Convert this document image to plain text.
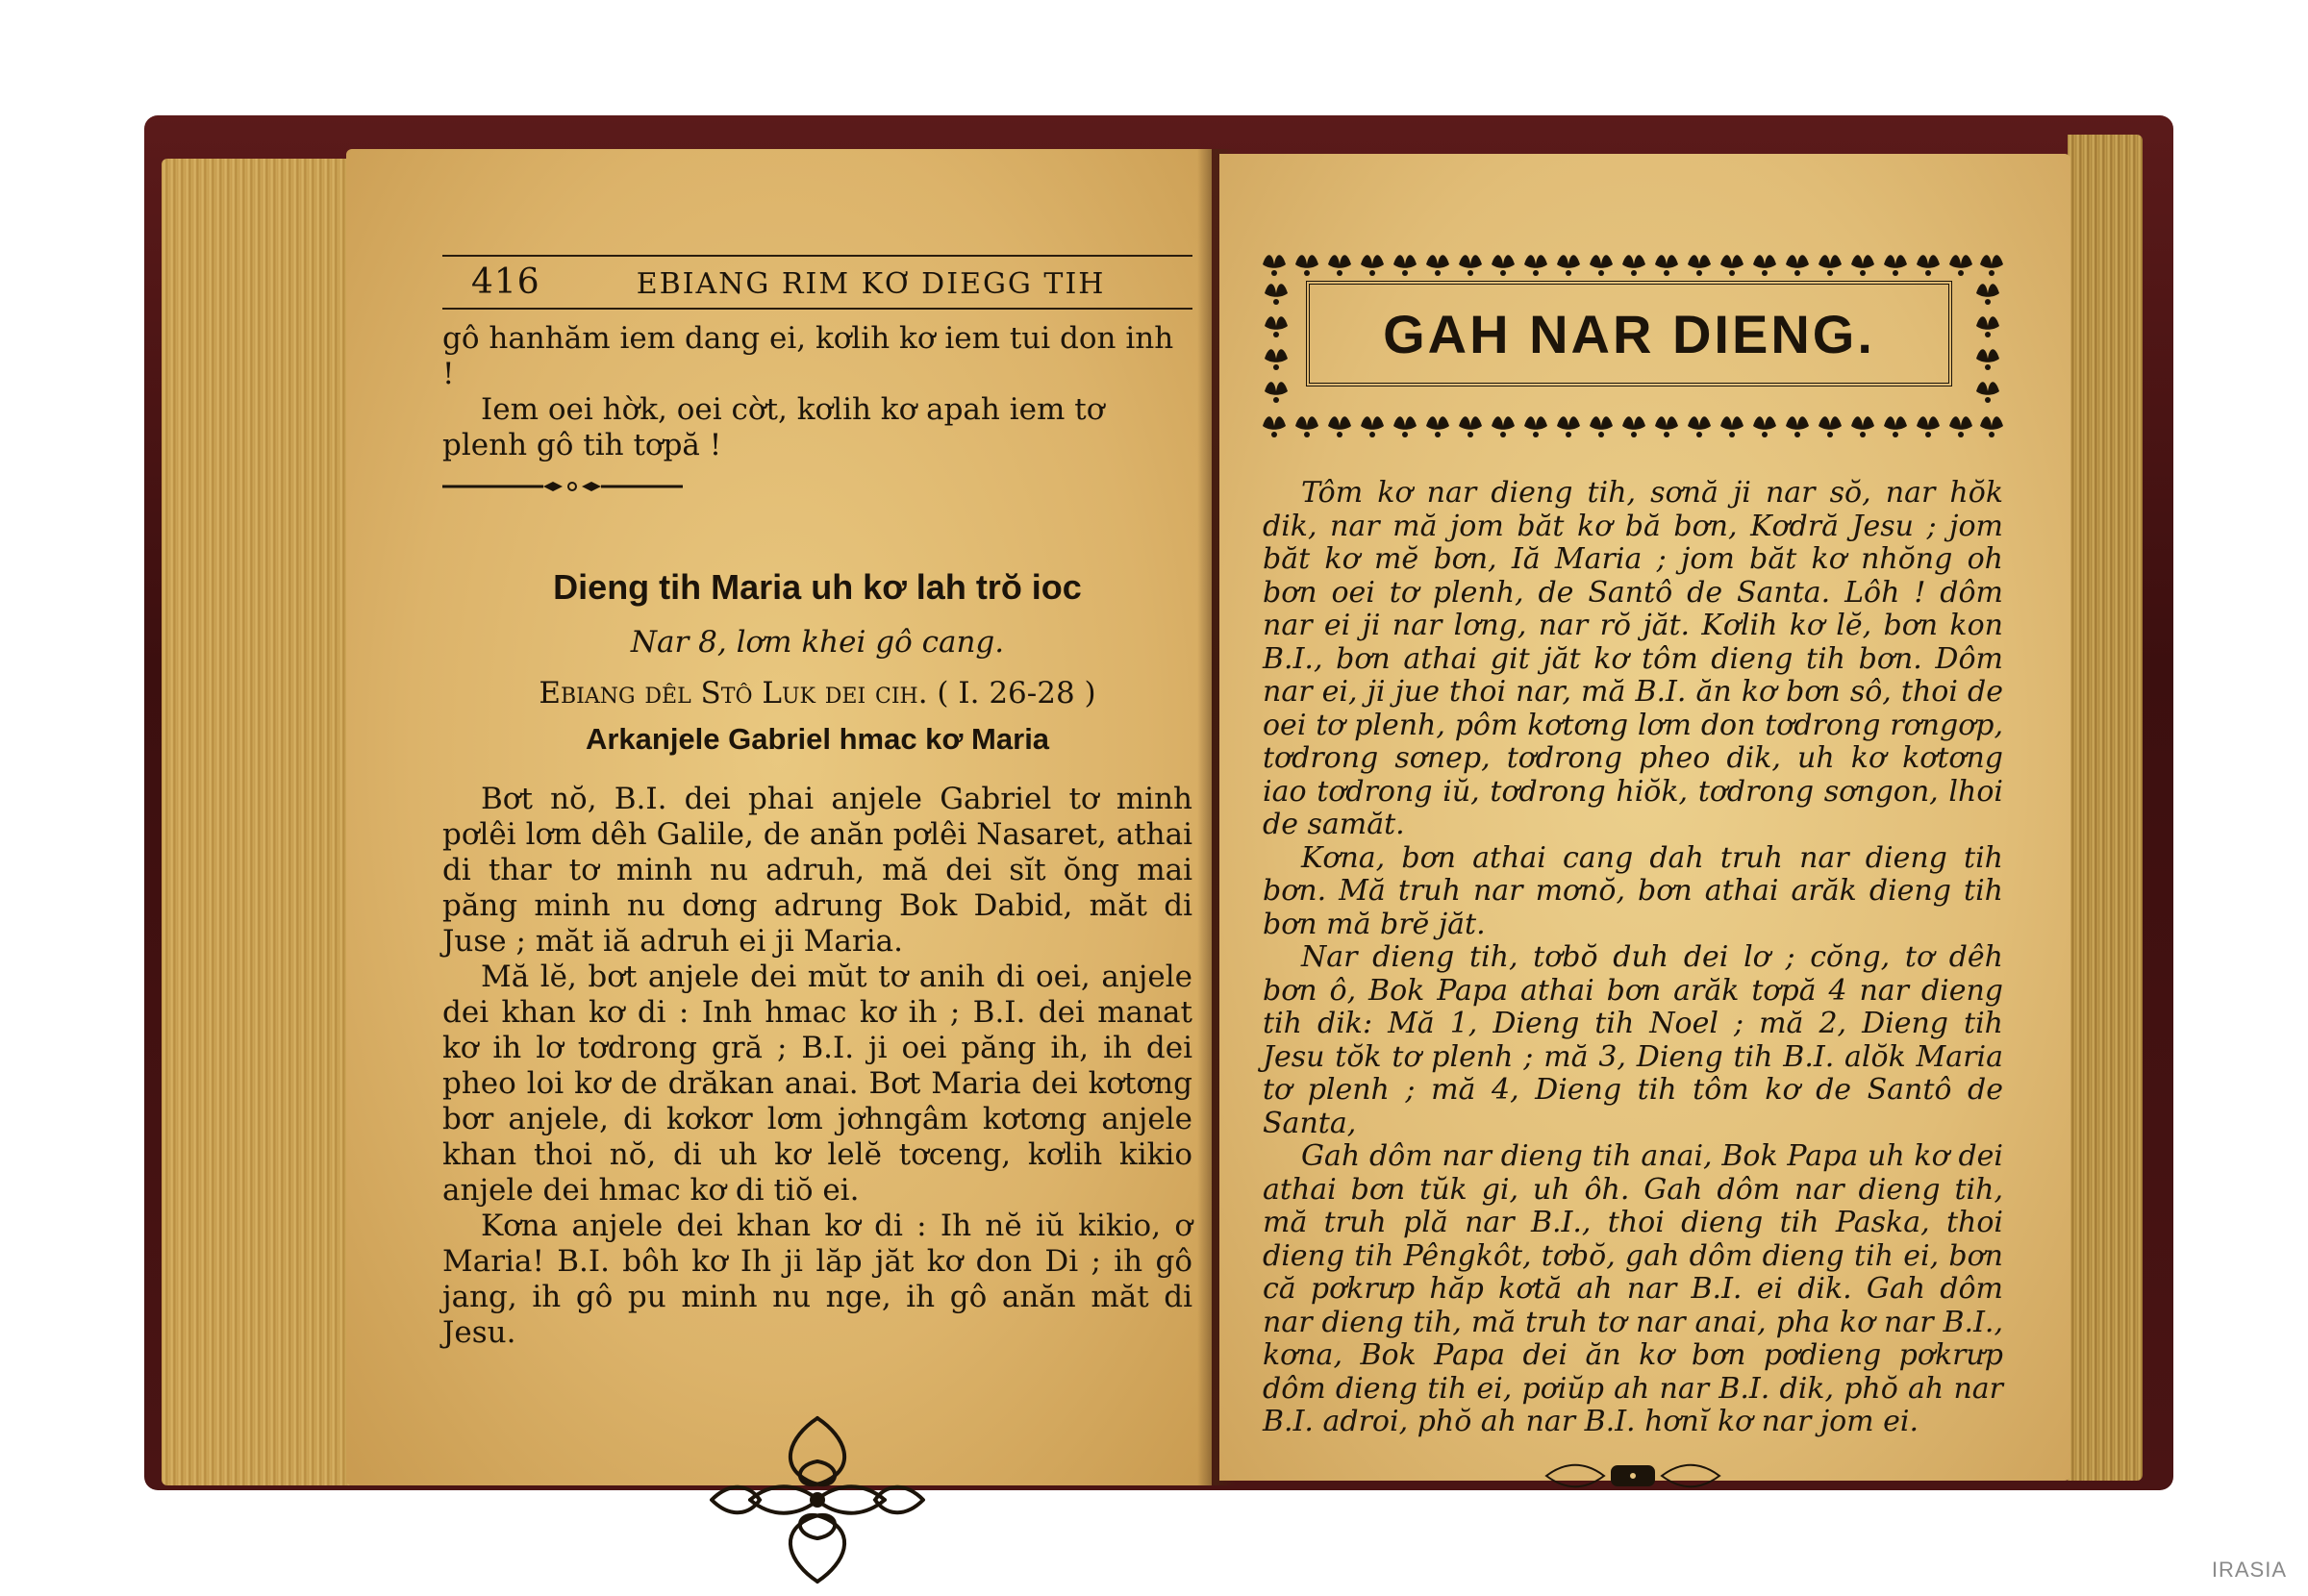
416	EBIANG RIM KƠ DIEGG TIH

gô hanhăm iem dang ei, kơlih kơ iem tui don inh !

Iem oei hờk, oei cờt, kơlih kơ apah iem tơ plenh gô tih tơpă !

Dieng tih Maria uh kơ lah trŏ ioc

Nar 8, lơm khei gô cang.

Ebiang dêl Stô Luk dei cih. ( I. 26-28 )

Arkanjele Gabriel hmac kơ Maria

Bơt nŏ, B.I. dei phai anjele Gabriel tơ minh pơlêi lơm dêh Galile, de anăn pơlêi Nasaret, athai di thar tơ minh nu adruh, mă dei sĭt ŏng mai păng minh nu dơng adrung Bok Dabid, măt di Juse ; măt iă adruh ei ji Maria.

Mă lĕ, bơt anjele dei mŭt tơ anih di oei, anjele dei khan kơ di : Inh hmac kơ ih ; B.I. dei manat kơ ih lơ tơdrong gră ; B.I. ji oei păng ih, ih dei pheo loi kơ de drăkan anai. Bơt Maria dei kơtơng bơr anjele, di kơkơr lơm jơhngâm kơtơng anjele khan thoi nŏ, di uh kơ lelĕ tơceng, kơlih kikio anjele dei hmac kơ di tiŏ ei.

Kơna anjele dei khan kơ di : Ih nĕ iŭ kikio, ơ Maria! B.I. bôh kơ Ih ji lăp jăt kơ don Di ; ih gô jang, ih gô pu minh nu nge, ih gô anăn măt di Jesu.

GAH NAR DIENG.

Tôm kơ nar dieng tih, sơnă ji nar sŏ, nar hŏk dik, nar mă jom băt kơ bă bơn, Kơdră Jesu ; jom băt kơ mĕ bơn, Iă Maria ; jom băt kơ nhŏng oh bơn oei tơ plenh, de Santô de Santa. Lôh ! dôm nar ei ji nar lơng, nar rŏ jăt. Kơlih kơ lĕ, bơn kon B.I., bơn athai git jăt kơ tôm dieng tih bơn. Dôm nar ei, ji jue thoi nar, mă B.I. ăn kơ bơn sô, thoi de oei tơ plenh, pôm kơtơng lơm don tơdrong rơngơp, tơdrong sơnep, tơdrong pheo dik, uh kơ kơtơng iao tơdrong iŭ, tơdrong hiŏk, tơdrong sơngon, lhoi de samăt.

Kơna, bơn athai cang dah truh nar dieng tih bơn. Mă truh nar mơnŏ, bơn athai arăk dieng tih bơn mă brĕ jăt.

Nar dieng tih, tơbŏ duh dei lơ ; cŏng, tơ dêh bơn ô, Bok Papa athai bơn arăk tơpă 4 nar dieng tih dik: Mă 1, Dieng tih Noel ; mă 2, Dieng tih Jesu tŏk tơ plenh ; mă 3, Dieng tih B.I. alŏk Maria tơ plenh ; mă 4, Dieng tih tôm kơ de Santô de Santa,

Gah dôm nar dieng tih anai, Bok Papa uh kơ dei athai bơn tŭk gi, uh ôh. Gah dôm nar dieng tih, mă truh plă nar B.I., thoi dieng tih Paska, thoi dieng tih Pêngkôt, tơbŏ, gah dôm dieng tih ei, bơn că pơkrưp hăp kơtă ah nar B.I. ei dik. Gah dôm nar dieng tih, mă truh tơ nar anai, pha kơ nar B.I., kơna, Bok Papa dei ăn kơ bơn pơdieng pơkrưp dôm dieng tih ei, pơiŭp ah nar B.I. dik, phŏ ah nar B.I. adroi, phŏ ah nar B.I. hơnĭ kơ nar jom ei.

IRASIA
